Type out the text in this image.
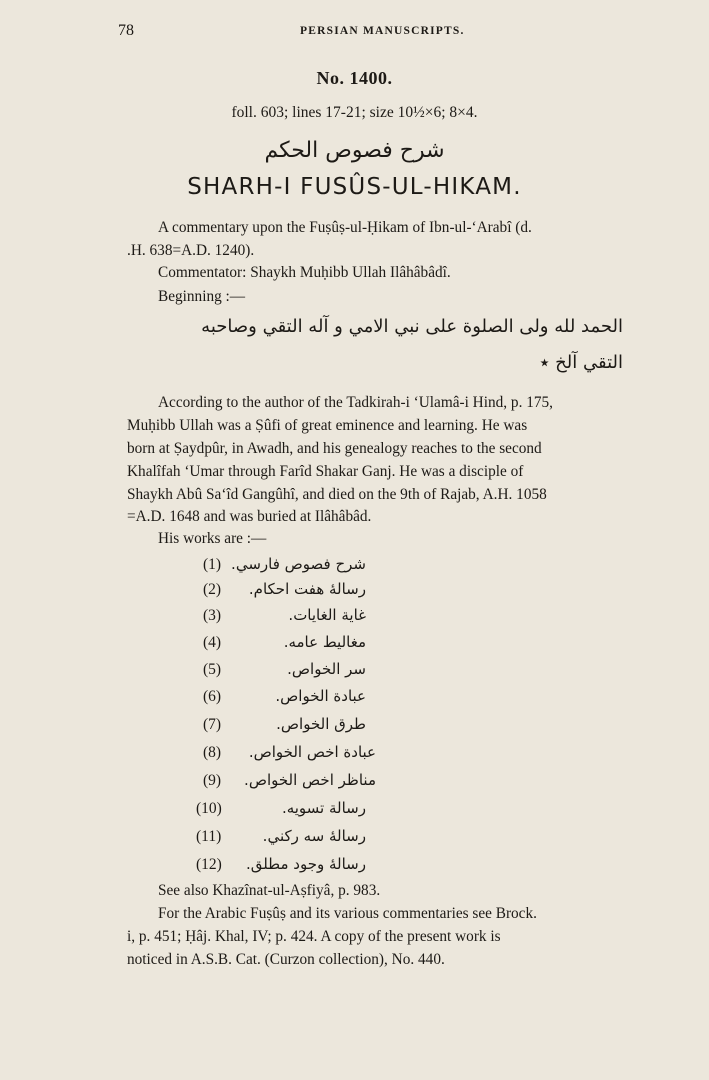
78	PERSIAN MANUSCRIPTS.
No. 1400.
foll. 603; lines 17-21; size 10½×6; 8×4.
شرح فصوص الحكم
SHARH-I FUSÛS-UL-HIKAM.
A commentary upon the Fuṣûṣ-ul-Ḥikam of Ibn-ul-‘Arabî (d.
.H. 638=A.D. 1240).
Commentator: Shaykh Muḥibb Ullah Ilâhâbâdî.
Beginning :—
الحمد لله ولی الصلوة علی نبي الامي و آله التقي وصاحبه
التقي آلخ ٭
According to the author of the Tadkirah-i ‘Ulamâ-i Hind, p. 175,
Muḥibb Ullah was a Ṣûfi of great eminence and learning. He was
born at Ṣaydpûr, in Awadh, and his genealogy reaches to the second
Khalîfah ‘Umar through Farîd Shakar Ganj. He was a disciple of
Shaykh Abû Sa‘îd Gangûhî, and died on the 9th of Rajab, A.H. 1058
=A.D. 1648 and was buried at Ilâhâbâd.
His works are :—
(1) شرح فصوص فارسي.
(2)	رسالهٔ هفت احکام.
(3)	غاية الغايات.
(4)	مغاليط عامه.
(5)	سر الخواص.
(6)	عبادة الخواص.
(7)	طرق الخواص.
(8)	عبادة اخص الخواص.
(9)	مناظر اخص الخواص.
(10)	رسالة تسويه.
(11)	رسالهٔ سه رکني.
(12)	رسالهٔ وجود مطلق.
See also Khazînat-ul-Aṣfiyâ, p. 983.
For the Arabic Fuṣûṣ and its various commentaries see Brock.
i, p. 451; Ḥâj. Khal, IV; p. 424. A copy of the present work is
noticed in A.S.B. Cat. (Curzon collection), No. 440.
